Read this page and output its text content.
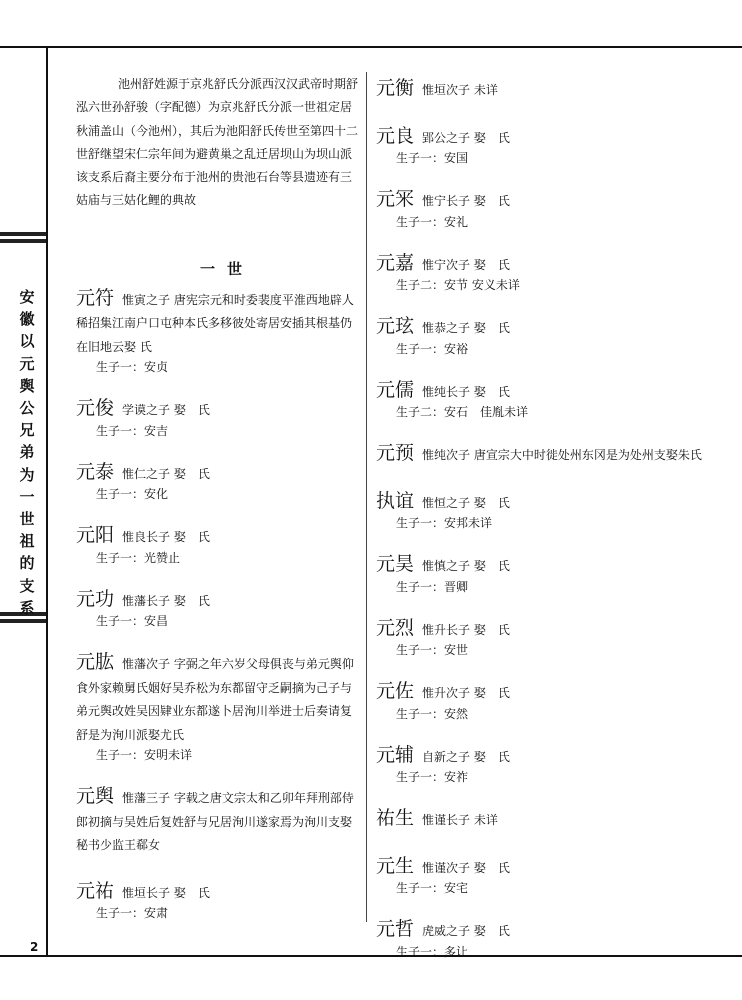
安徽以元舆公兄弟为一世祖的支系
2

池州舒姓源于京兆舒氏分派西汉汉武帝时期舒泓六世孙舒骏（字配德）为京兆舒氏分派一世祖定居秋浦盖山（今池州），其后为池阳舒氏传世至第四十二世舒继望宋仁宗年间为避黄巢之乱迁居坝山为坝山派该支系后裔主要分布于池州的贵池石台等县遗迹有三姑庙与三姑化鲤的典故

一世
元符 惟寅之子 唐宪宗元和时委裴度平淮西地辟人稀招集江南户口屯种本氏多移彼处寄居安插其根基仍在旧地云娶 氏
生子一：安贞
元俊 学谟之子 娶　氏
生子一：安吉
元泰 惟仁之子 娶　氏
生子一：安化
元阳 惟良长子 娶　氏
生子一：光赞止
元功 惟藩长子 娶　氏
生子一：安昌
元肱 惟藩次子 字弼之年六岁父母俱丧与弟元舆仰食外家赖舅氏姻好吴乔松为东都留守乏嗣摘为己子与弟元舆改姓吴因肄业东都遂卜居洵川举进士后奏请复舒是为洵川派娶尤氏
生子一：安明未详
元舆 惟藩三子 字载之唐文宗太和乙卯年拜刑部侍郎初摘与吴姓后复姓舒与兄居洵川遂家焉为洵川支娶秘书少监王郗女
元祐 惟垣长子 娶　氏
生子一：安肃
元衡 惟垣次子 未详
元良 郢公之子 娶　氏
生子一：安国
元冞 惟宁长子 娶　氏
生子一：安礼
元嘉 惟宁次子 娶　氏
生子二：安节 安义未详
元玹 惟恭之子 娶　氏
生子一：安裕
元儒 惟纯长子 娶　氏
生子二：安石　佳胤未详
元预 惟纯次子 唐宣宗大中时徙处州东冈是为处州支娶朱氏
执谊 惟恒之子 娶　氏
生子一：安邦未详
元昊 惟慎之子 娶　氏
生子一：晋卿
元烈 惟升长子 娶　氏
生子一：安世
元佐 惟升次子 娶　氏
生子一：安然
元辅 自新之子 娶　氏
生子一：安祚
祐生 惟谨长子 未详
元生 惟谨次子 娶　氏
生子一：安宅
元哲 虎威之子 娶　氏
生子一：多让
